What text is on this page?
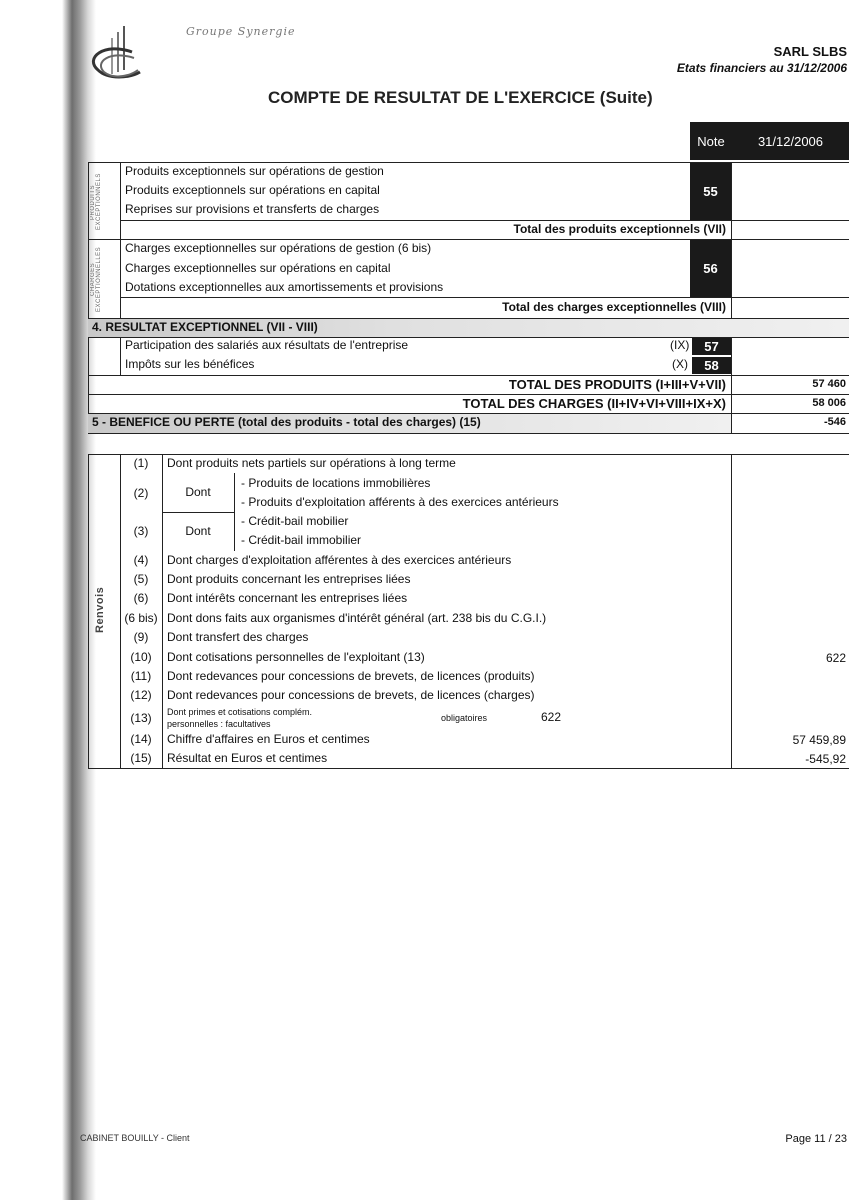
Groupe Synergie
SARL SLBS
Etats financiers au 31/12/2006
COMPTE DE RESULTAT DE L'EXERCICE (Suite)
Note	31/12/2006
PRODUITS EXCEPTIONNELS
Produits exceptionnels sur opérations de gestion
Produits exceptionnels sur opérations en capital
Reprises sur provisions et transferts de charges
55
Total des produits exceptionnels (VII)
CHARGES EXCEPTIONNELLES Charges exceptionnelles sur opérations de gestion (6 bis)
Charges exceptionnelles sur opérations en capital
Dotations exceptionnelles aux amortissements et provisions
56
Total des charges exceptionnelles (VIII)
4. RESULTAT EXCEPTIONNEL (VII - VIII)
Participation des salariés aux résultats de l'entreprise	(IX)	57
Impôts sur les bénéfices	(X)	58
TOTAL DES PRODUITS (I+III+V+VII)	57 460
TOTAL DES CHARGES (II+IV+VI+VIII+IX+X)	58 006
5 - BENEFICE OU PERTE (total des produits - total des charges) (15)	-546
Renvois
(1)	Dont produits nets partiels sur opérations à long terme
(2)	Dont
- Produits de locations immobilières
- Produits d'exploitation afférents à des exercices antérieurs
(3)	Dont
- Crédit-bail mobilier
- Crédit-bail immobilier
(4)	Dont charges d'exploitation afférentes à des exercices antérieurs
(5)	Dont produits concernant les entreprises liées
(6)	Dont intérêts concernant les entreprises liées
(6 bis) Dont dons faits aux organismes d'intérêt général (art. 238 bis du C.G.I.)
(9)	Dont transfert des charges
(10)	Dont cotisations personnelles de l'exploitant (13)	622
(11)	Dont redevances pour concessions de brevets, de licences (produits)
(12)	Dont redevances pour concessions de brevets, de licences (charges)
(13)	Dont primes et cotisations complém.
personnelles : facultatives
obligatoires	622
(14)	Chiffre d'affaires en Euros et centimes	57 459,89
(15)	Résultat en Euros et centimes	-545,92
CABINET BOUILLY - Client	Page 11 / 23
